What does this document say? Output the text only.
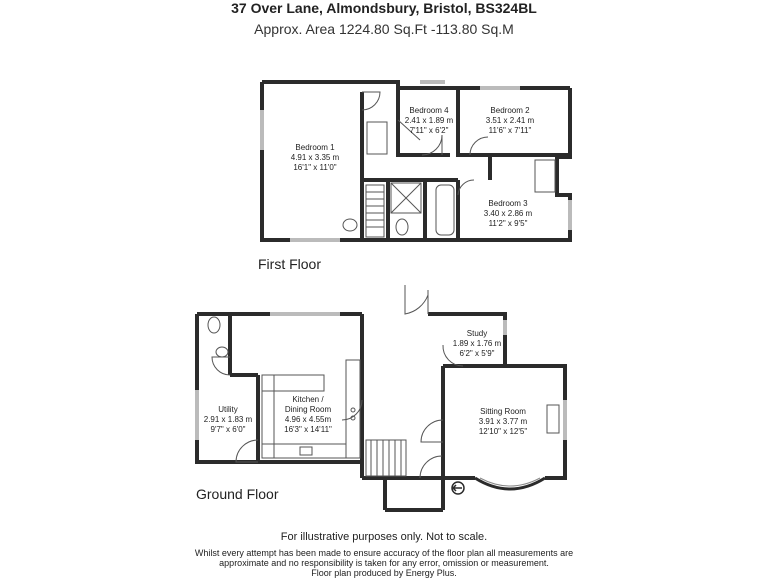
37 Over Lane, Almondsbury, Bristol, BS324BL
Approx. Area 1224.80 Sq.Ft -113.80 Sq.M
First Floor
Ground Floor
Bedroom 1
4.91 x 3.35 m
16'1" x 11'0"
Bedroom 4
2.41 x 1.89 m
7'11" x 6'2"
Bedroom 2
3.51 x 2.41 m
11'6" x 7'11"
Bedroom 3
3.40 x 2.86 m
11'2" x 9'5"
Study
1.89 x 1.76 m
6'2" x 5'9"
Kitchen /
Dining Room
4.96 x 4.55m
16'3" x 14'11"
Utility
2.91 x 1.83 m
9'7" x 6'0"
Sitting Room
3.91 x 3.77 m
12'10" x 12'5"
For illustrative purposes only. Not to scale.
Whilst every attempt has been made to ensure accuracy of the floor plan all measurements are
approximate and no responsibility is taken for any error, omission or measurement.
Floor plan produced by Energy Plus.
